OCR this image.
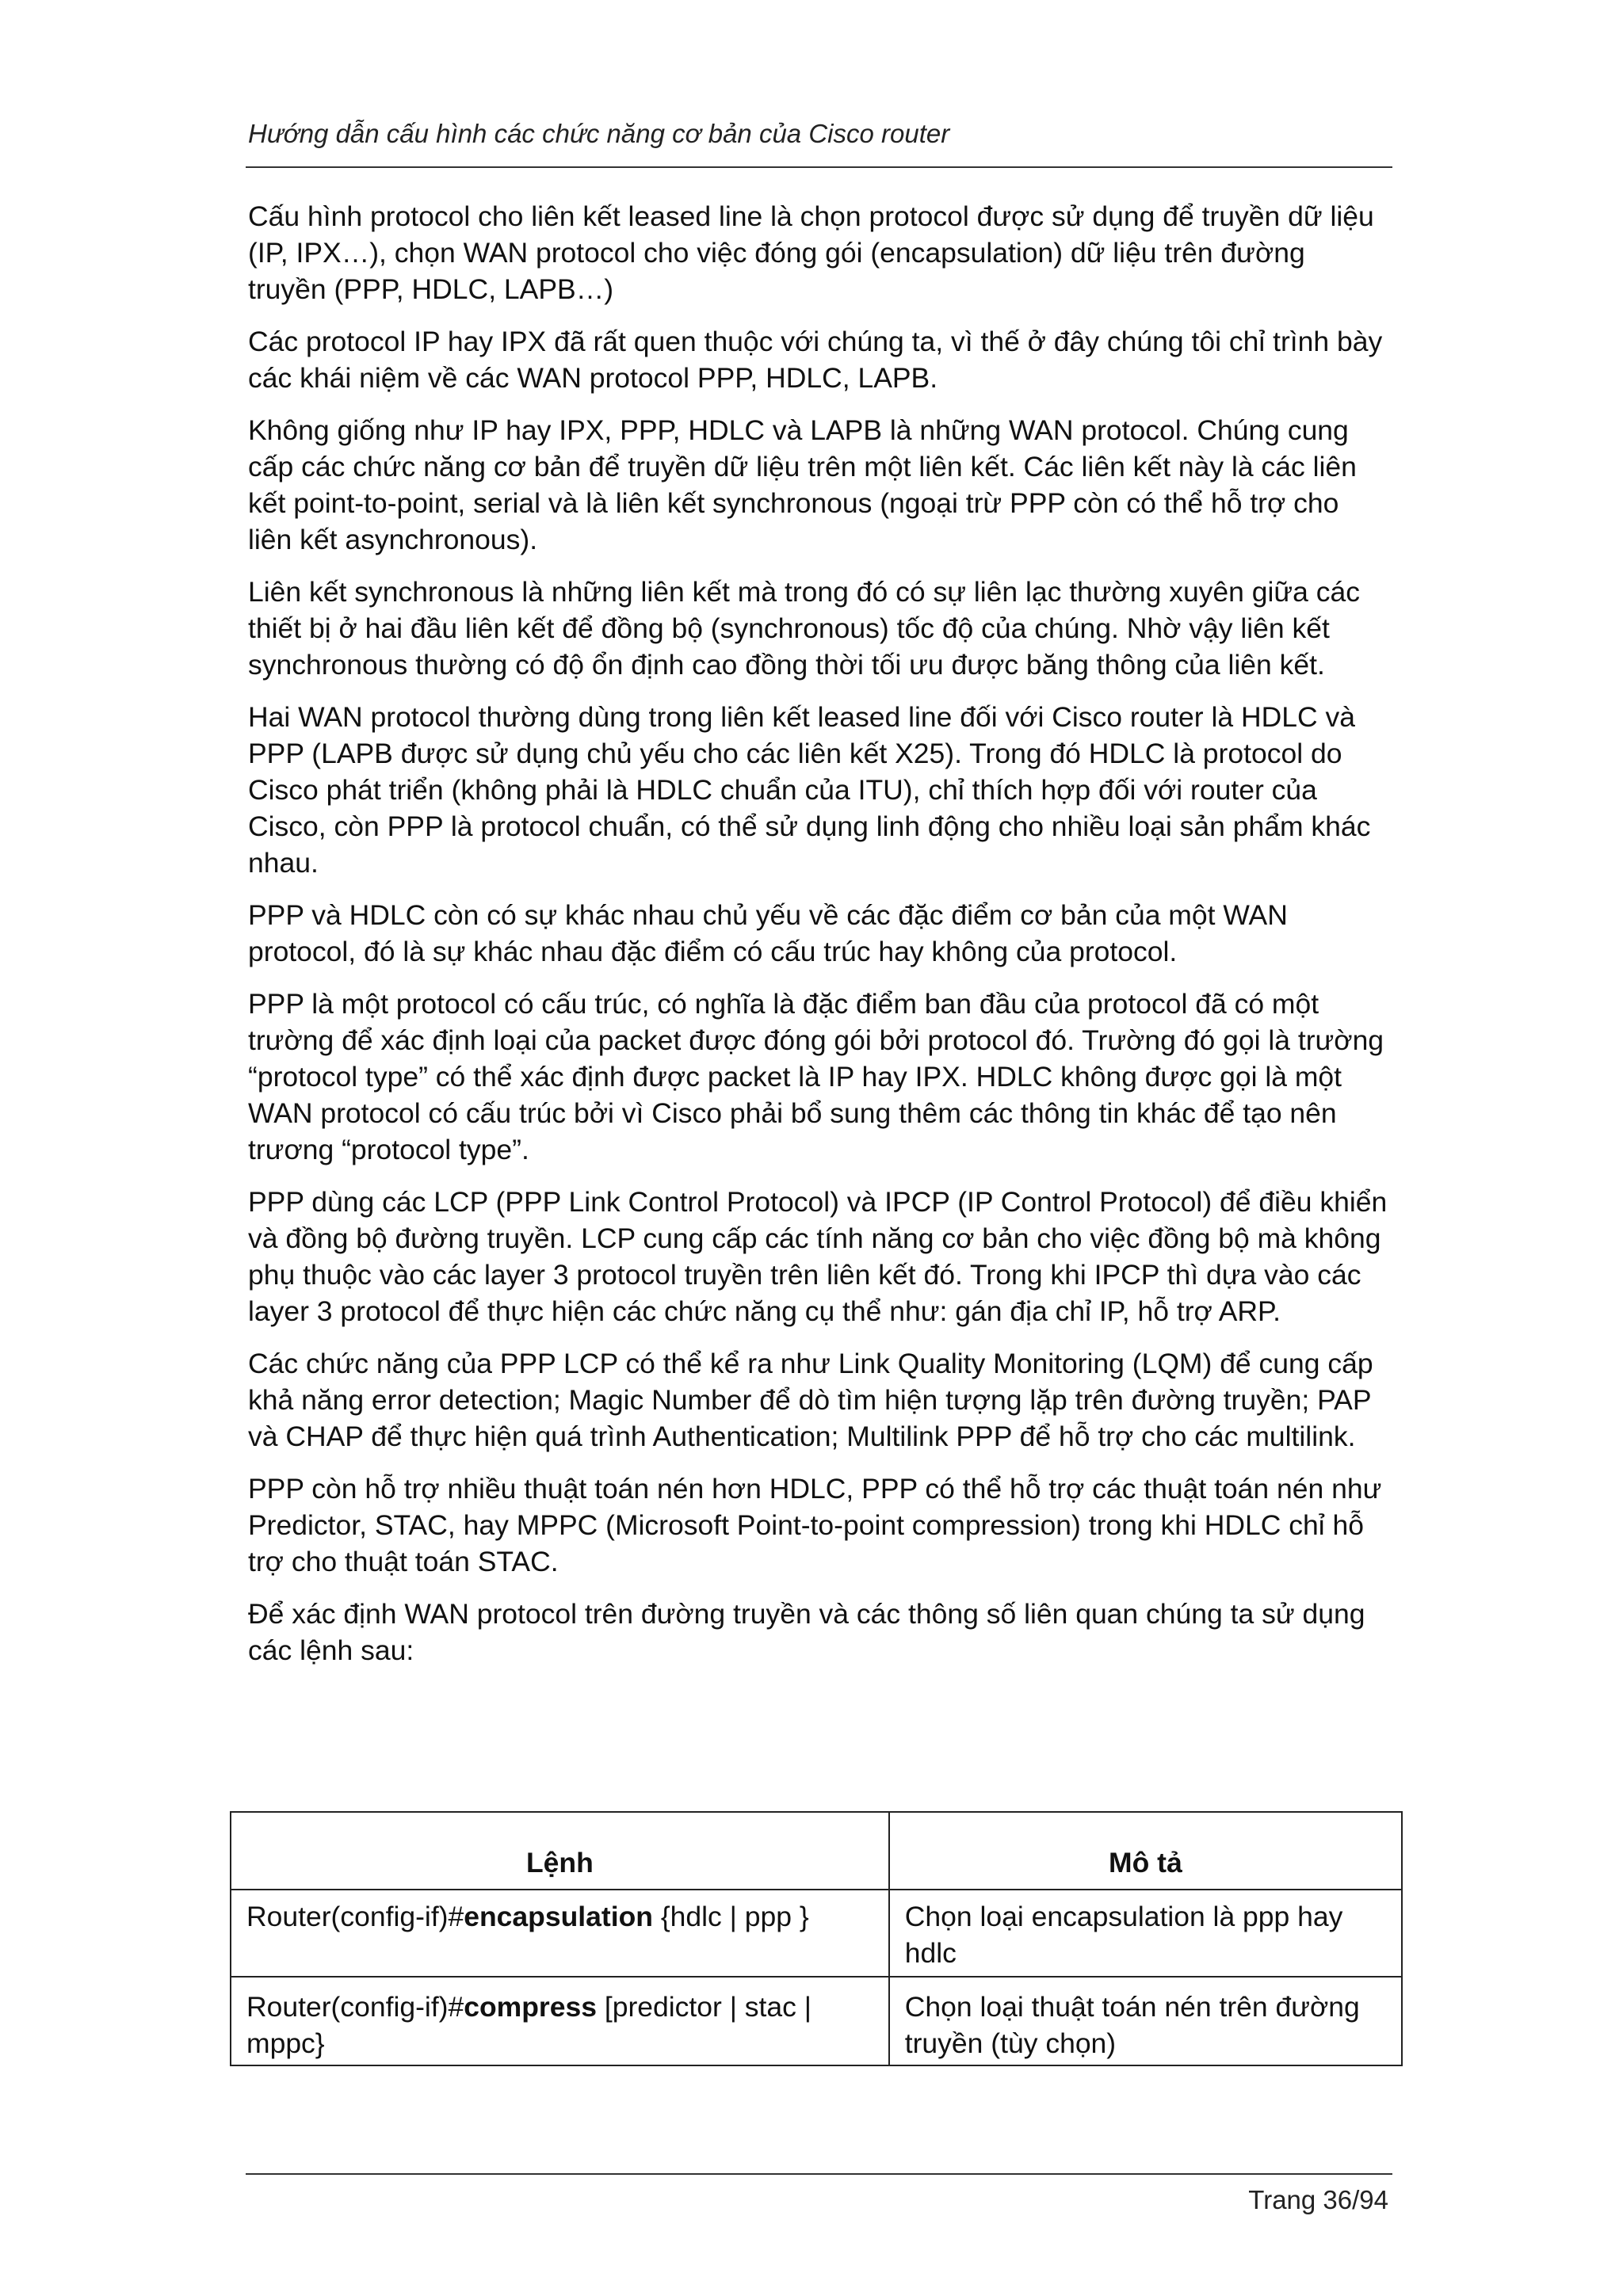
Hướng dẫn cấu hình các chức năng cơ bản của Cisco router

Cấu hình protocol cho liên kết leased line là chọn protocol được sử dụng để truyền dữ liệu (IP, IPX…), chọn WAN protocol cho việc đóng gói (encapsulation) dữ liệu trên đường truyền (PPP, HDLC, LAPB…)

Các protocol IP hay IPX đã rất quen thuộc với chúng ta, vì thế ở đây chúng tôi chỉ trình bày các khái niệm về các WAN protocol PPP, HDLC, LAPB.

Không giống như IP hay IPX, PPP, HDLC và LAPB là những WAN protocol. Chúng cung cấp các chức năng cơ bản để truyền dữ liệu trên một liên kết. Các liên kết này là các liên kết point-to-point, serial và là liên kết synchronous (ngoại trừ PPP còn có thể hỗ trợ cho liên kết asynchronous).

Liên kết synchronous là những liên kết mà trong đó có sự liên lạc thường xuyên giữa các thiết bị ở hai đầu liên kết để đồng bộ (synchronous) tốc độ của chúng. Nhờ vậy liên kết synchronous thường có độ ổn định cao đồng thời tối ưu được băng thông của liên kết.

Hai WAN protocol thường dùng trong liên kết leased line đối với Cisco router là HDLC và PPP (LAPB được sử dụng chủ yếu cho các liên kết X25). Trong đó HDLC là protocol do Cisco phát triển (không phải là HDLC chuẩn của ITU), chỉ thích hợp đối với router của Cisco, còn PPP là protocol chuẩn, có thể sử dụng linh động cho nhiều loại sản phẩm khác nhau.

PPP và HDLC còn có sự khác nhau chủ yếu về các đặc điểm cơ bản của một WAN protocol, đó là sự khác nhau đặc điểm có cấu trúc hay không của protocol.

PPP là một protocol có cấu trúc, có nghĩa là đặc điểm ban đầu của protocol đã có một trường để xác định loại của packet được đóng gói bởi protocol đó. Trường đó gọi là trường “protocol type” có thể xác định được packet là IP hay IPX. HDLC không được gọi là một WAN protocol có cấu trúc bởi vì Cisco phải bổ sung thêm các thông tin khác để tạo nên trương “protocol type”.

PPP dùng các LCP (PPP Link Control Protocol) và IPCP (IP Control Protocol) để điều khiển và đồng bộ đường truyền. LCP cung cấp các tính năng cơ bản cho việc đồng bộ mà không phụ thuộc vào các layer 3 protocol truyền trên liên kết đó. Trong khi IPCP thì dựa vào các layer 3 protocol để thực hiện các chức năng cụ thể như: gán địa chỉ IP, hỗ trợ ARP.

Các chức năng của PPP LCP có thể kể ra như Link Quality Monitoring (LQM) để cung cấp khả năng error detection; Magic Number để dò tìm hiện tượng lặp trên đường truyền; PAP và CHAP để thực hiện quá trình Authentication; Multilink PPP để hỗ trợ cho các multilink.

PPP còn hỗ trợ nhiều thuật toán nén hơn HDLC, PPP có thể hỗ trợ các thuật toán nén như Predictor, STAC, hay MPPC (Microsoft Point-to-point compression) trong khi HDLC chỉ hỗ trợ cho thuật toán STAC.

Để xác định WAN protocol trên đường truyền và các thông số liên quan chúng ta sử dụng các lệnh sau:

Lệnh	Mô tả
Router(config-if)#encapsulation {hdlc | ppp }	Chọn loại encapsulation là ppp hay hdlc
Router(config-if)#compress [predictor | stac | mppc}	Chọn loại thuật toán nén trên đường truyền (tùy chọn)
Trang 36/94
